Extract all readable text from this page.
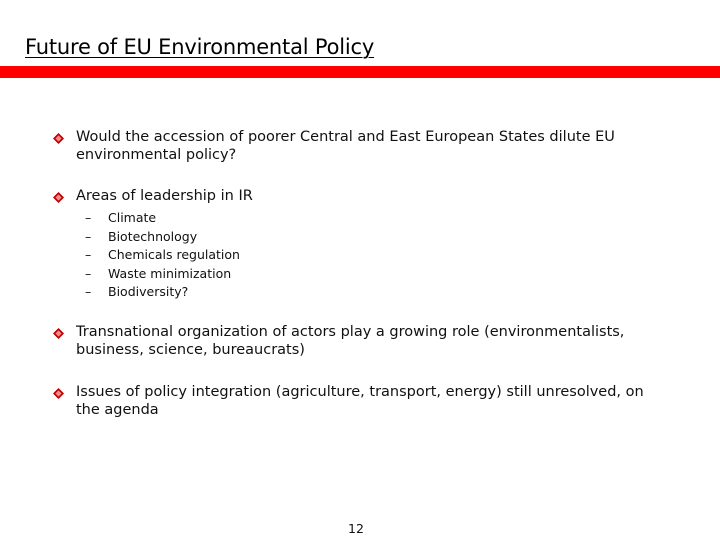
Future of EU Environmental Policy
Would the accession of poorer Central and East European States dilute EU environmental policy?
Areas of leadership in IR
–	Climate
–	Biotechnology
–	Chemicals regulation
–	Waste minimization
–	Biodiversity?
Transnational organization of actors play a growing role (environmentalists, business, science, bureaucrats)
Issues of policy integration (agriculture, transport, energy) still unresolved, on the agenda
12
